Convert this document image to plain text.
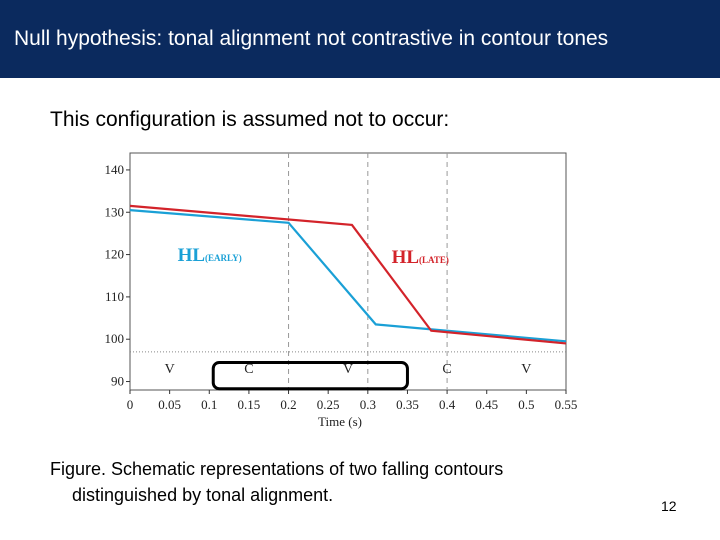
Null hypothesis: tonal alignment not contrastive in contour tones
This configuration is assumed not to occur:
90
100
110
120
130
140
0 0.05 0.1 0.15 0.2 0.25 0.3 0.35 0.4 0.45 0.5 0.55
Time (s)
V	C	V	C	V
HL(EARLY)	HL(LATE)
Figure. Schematic representations of two falling contours
distinguished by tonal alignment.
12
